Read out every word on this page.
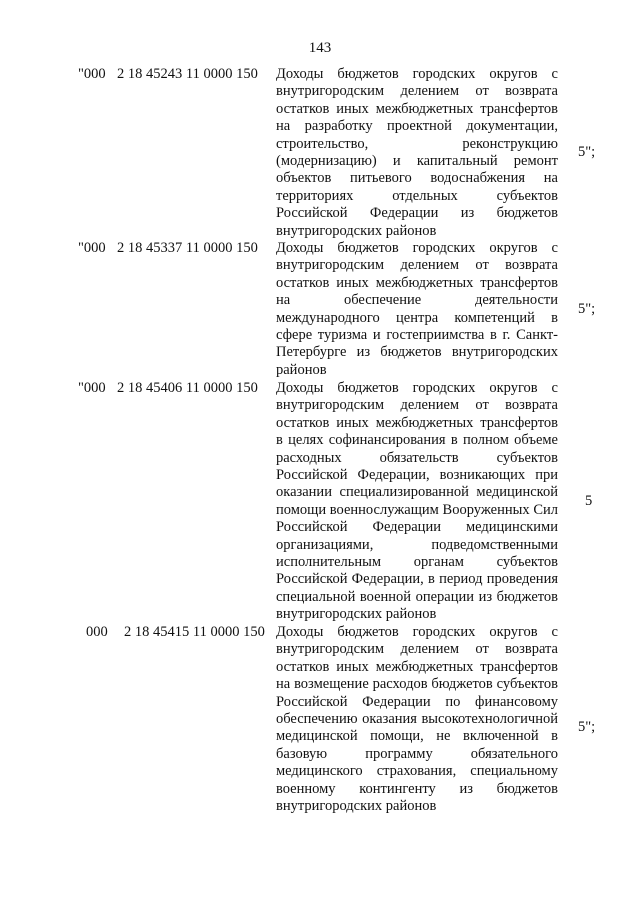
143
"000 2 18 45243 11 0000 150 Доходы бюджетов городских округов с внутригородским делением от возврата остатков иных межбюджетных трансфертов на разработку проектной документации, строительство, реконструкцию (модернизацию) и капитальный ремонт объектов питьевого водоснабжения на территориях отдельных субъектов Российской Федерации из бюджетов внутригородских районов

5";
"000 2 18 45337 11 0000 150 Доходы бюджетов городских округов с внутригородским делением от возврата остатков иных межбюджетных трансфертов на обеспечение деятельности международного центра компетенций в сфере туризма и гостеприимства в г. Санкт-Петербурге из бюджетов внутригородских районов

5";
"000 2 18 45406 11 0000 150 Доходы бюджетов городских округов с внутригородским делением от возврата остатков иных межбюджетных трансфертов в целях софинансирования в полном объеме расходных обязательств субъектов Российской Федерации, возникающих при оказании специализированной медицинской помощи военнослужащим Вооруженных Сил Российской Федерации медицинскими организациями, подведомственными исполнительным органам субъектов Российской Федерации, в период проведения специальной военной операции из бюджетов внутригородских районов

5
000 2 18 45415 11 0000 150 Доходы бюджетов городских округов с внутригородским делением от возврата остатков иных межбюджетных трансфертов на возмещение расходов бюджетов субъектов Российской Федерации по финансовому обеспечению оказания высокотехнологичной медицинской помощи, не включенной в базовую программу обязательного медицинского страхования, специальному военному контингенту из бюджетов внутригородских районов

5";
